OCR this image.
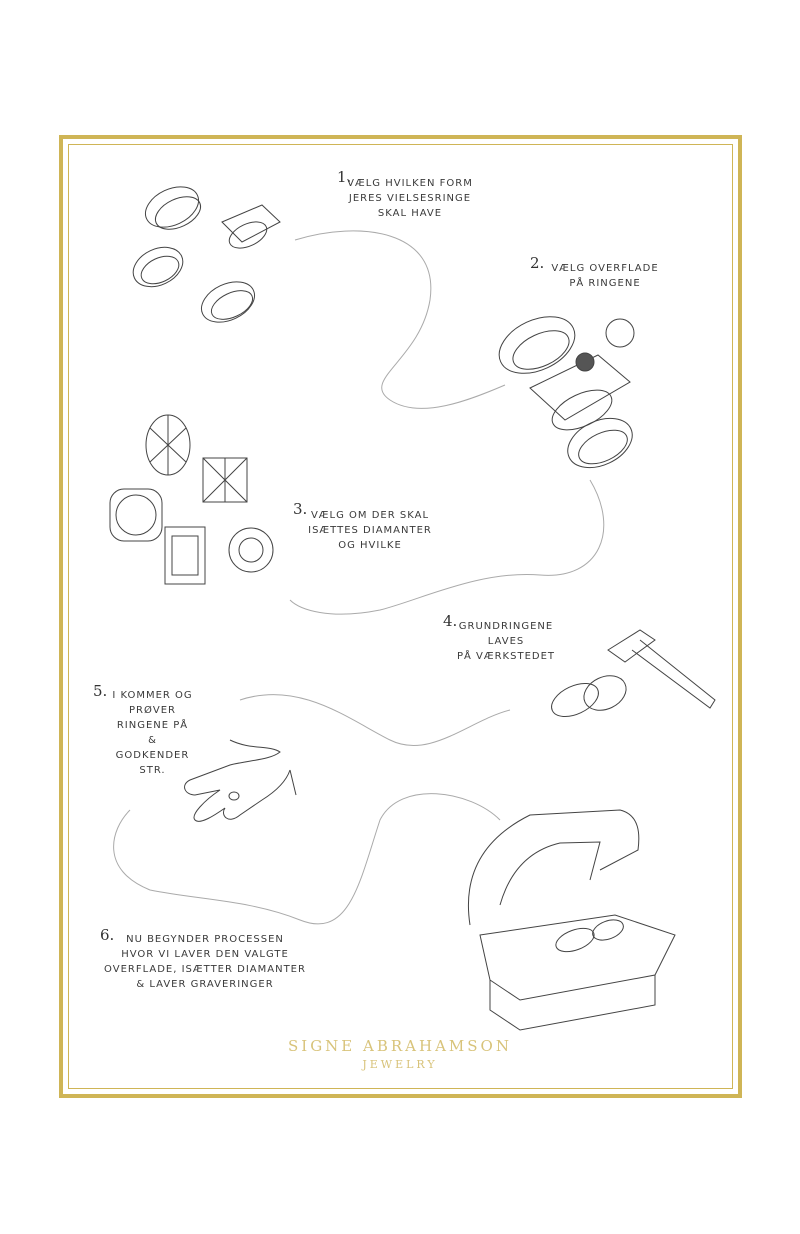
1.
VÆLG HVILKEN FORM
JERES VIELSESRINGE
SKAL HAVE
2. VÆLG OVERFLADE
PÅ RINGENE
3. VÆLG OM DER SKAL
ISÆTTES DIAMANTER
OG HVILKE
4. GRUNDRINGENE
LAVES
PÅ VÆRKSTEDET
5. I KOMMER OG
PRØVER
RINGENE PÅ
&
GODKENDER
STR.
6.	NU BEGYNDER PROCESSEN
HVOR VI LAVER DEN VALGTE
OVERFLADE, ISÆTTER DIAMANTER
& LAVER GRAVERINGER
SIGNE ABRAHAMSON
JEWELRY
